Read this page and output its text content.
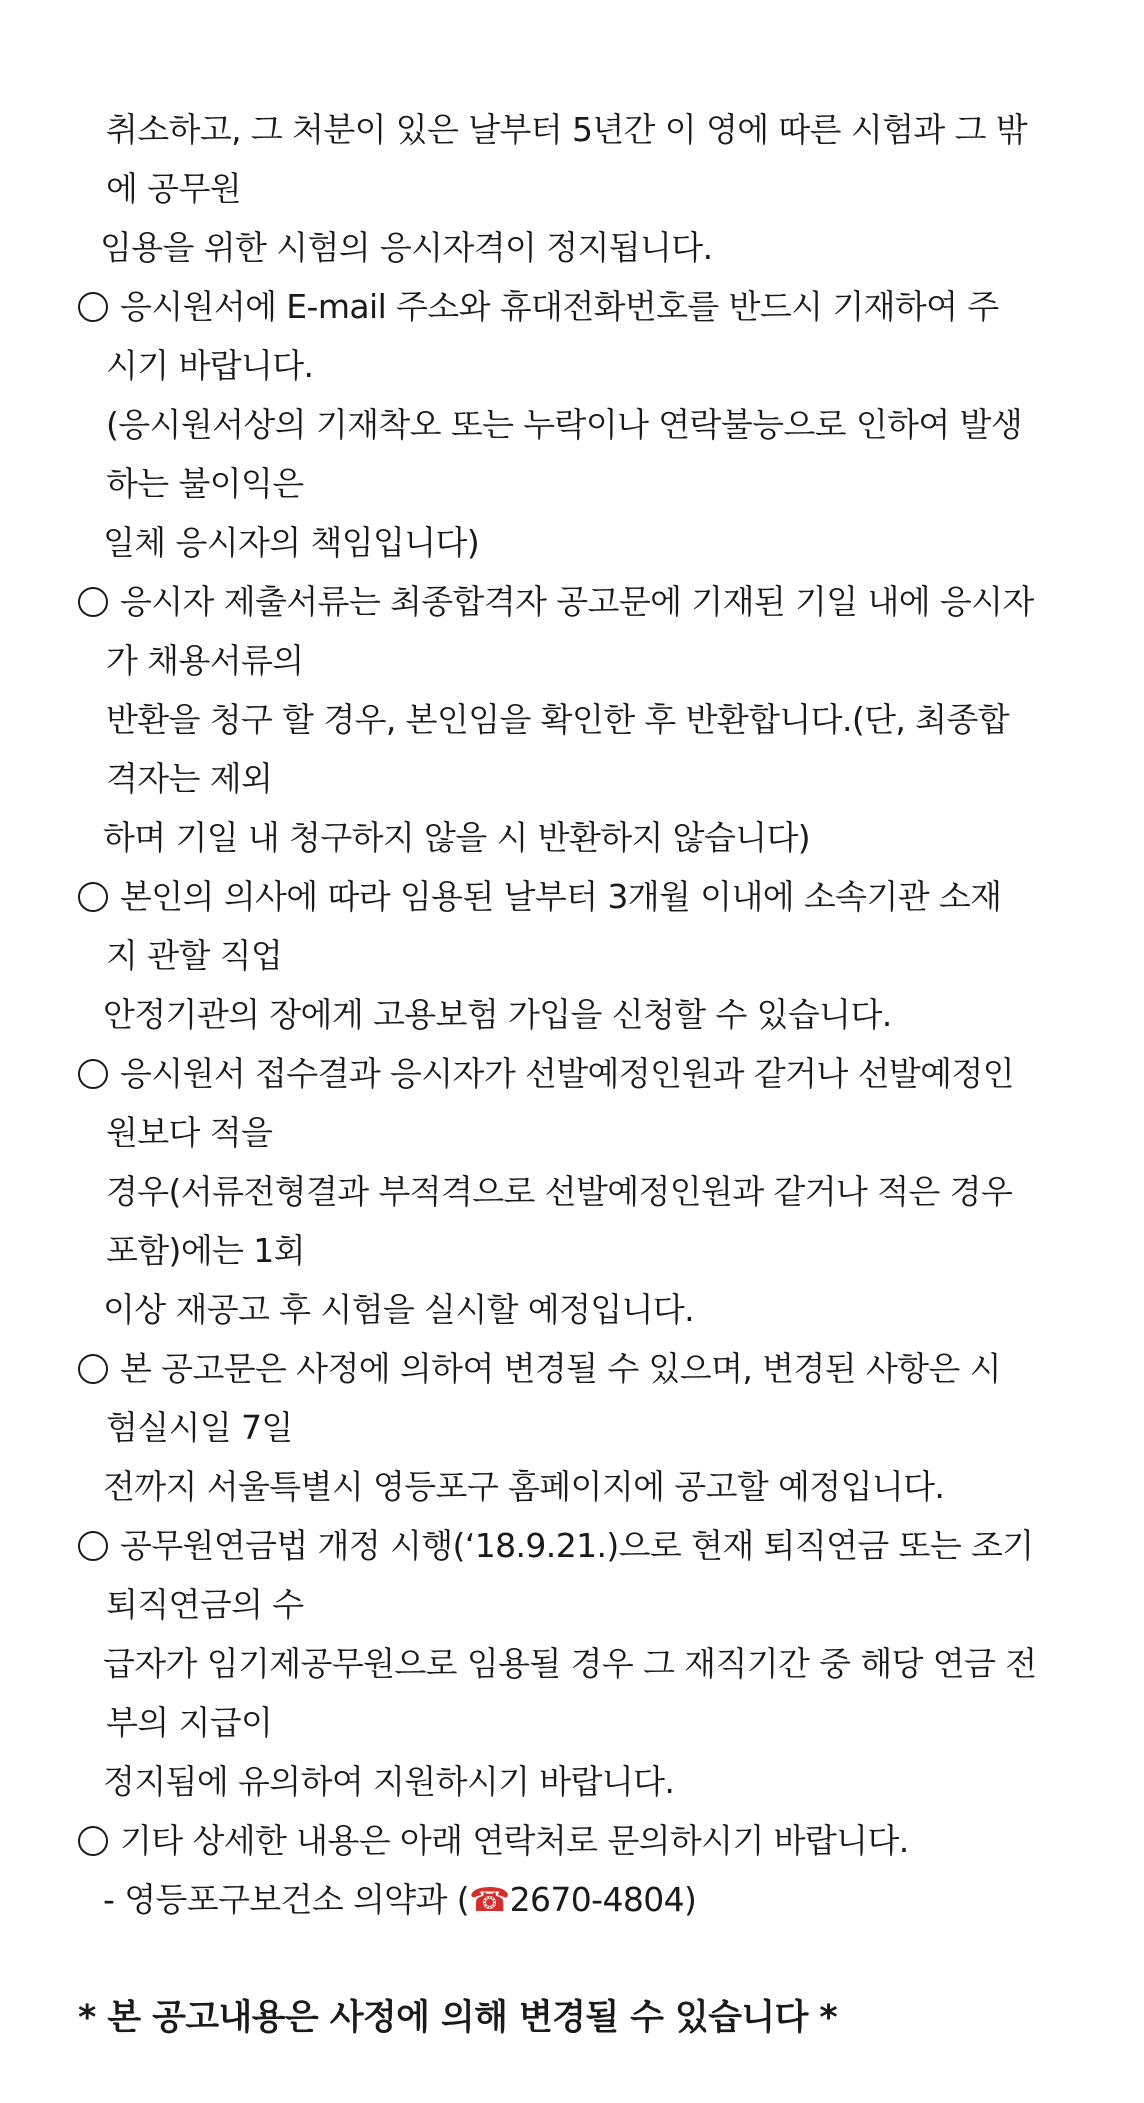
취소하고, 그 처분이 있은 날부터 5년간 이 영에 따른 시험과 그 밖
에 공무원
임용을 위한 시험의 응시자격이 정지됩니다.
응시원서에 E-mail 주소와 휴대전화번호를 반드시 기재하여 주
시기 바랍니다.
(응시원서상의 기재착오 또는 누락이나 연락불능으로 인하여 발생
하는 불이익은
일체 응시자의 책임입니다)
응시자 제출서류는 최종합격자 공고문에 기재된 기일 내에 응시자
가 채용서류의
반환을 청구 할 경우, 본인임을 확인한 후 반환합니다.(단, 최종합
격자는 제외
하며 기일 내 청구하지 않을 시 반환하지 않습니다)
본인의 의사에 따라 임용된 날부터 3개월 이내에 소속기관 소재
지 관할 직업
안정기관의 장에게 고용보험 가입을 신청할 수 있습니다.
응시원서 접수결과 응시자가 선발예정인원과 같거나 선발예정인
원보다 적을
경우(서류전형결과 부적격으로 선발예정인원과 같거나 적은 경우
포함)에는 1회
이상 재공고 후 시험을 실시할 예정입니다.
본 공고문은 사정에 의하여 변경될 수 있으며, 변경된 사항은 시
험실시일 7일
전까지 서울특별시 영등포구 홈페이지에 공고할 예정입니다.
공무원연금법 개정 시행(‘18.9.21.)으로 현재 퇴직연금 또는 조기
퇴직연금의 수
급자가 임기제공무원으로 임용될 경우 그 재직기간 중 해당 연금 전
부의 지급이
정지됨에 유의하여 지원하시기 바랍니다.
기타 상세한 내용은 아래 연락처로 문의하시기 바랍니다.
- 영등포구보건소 의약과 (☎2670-4804)
* 본 공고내용은 사정에 의해 변경될 수 있습니다 *
